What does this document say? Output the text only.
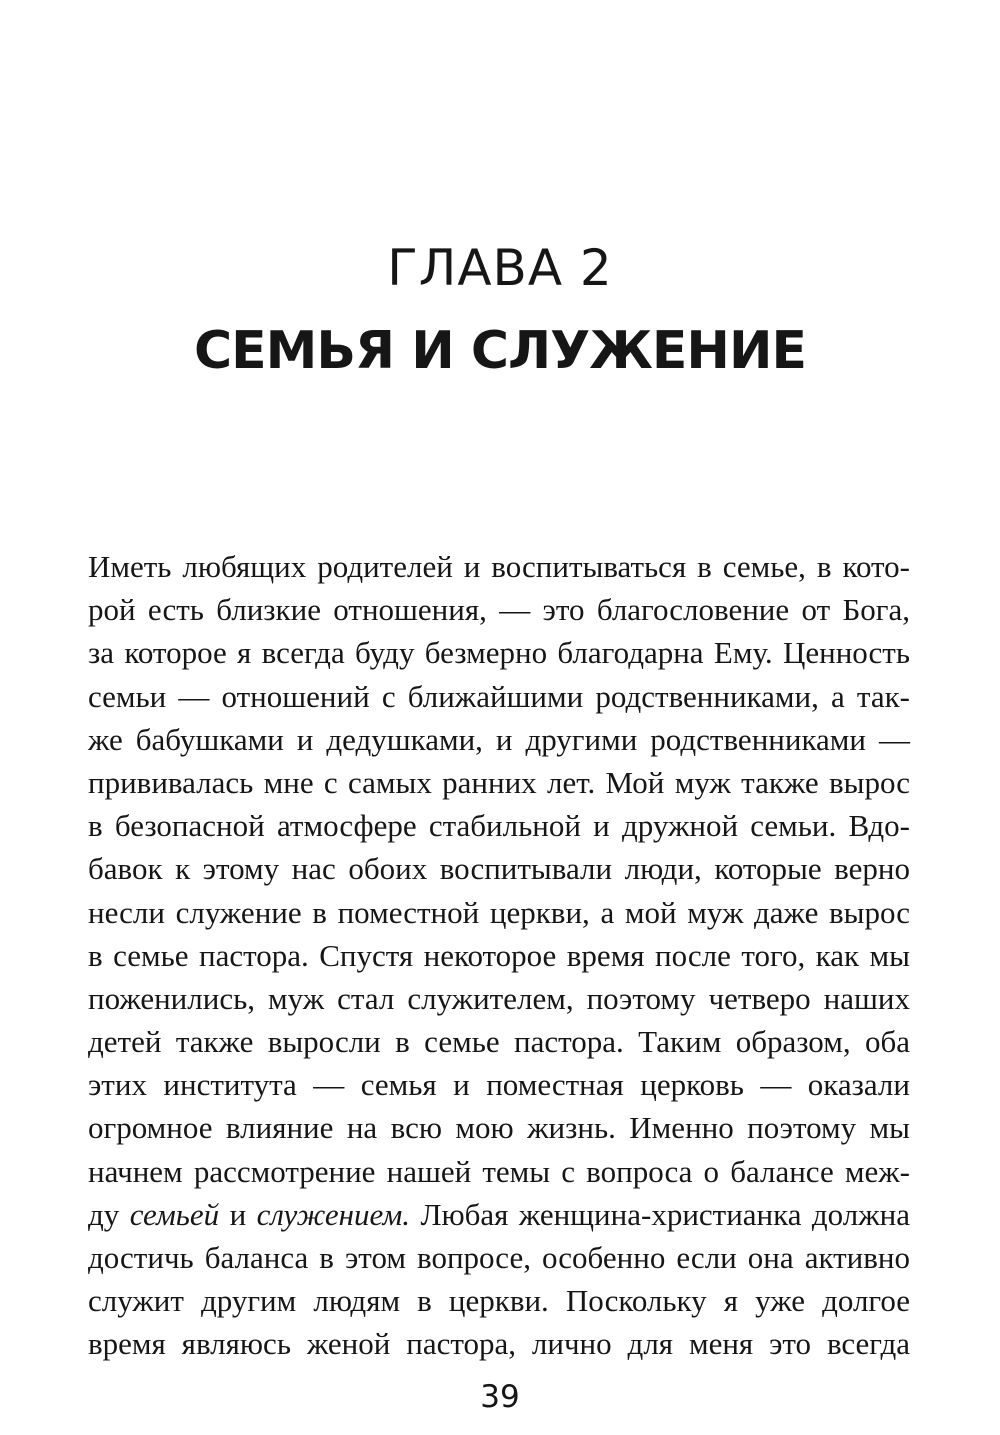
ГЛАВА 2
СЕМЬЯ И СЛУЖЕНИЕ
Иметь любящих родителей и воспитываться в семье, в кото-
рой есть близкие отношения, — это благословение от Бога,
за которое я всегда буду безмерно благодарна Ему. Ценность
семьи — отношений с ближайшими родственниками, а так-
же бабушками и дедушками, и другими родственниками —
прививалась мне с самых ранних лет. Мой муж также вырос
в безопасной атмосфере стабильной и дружной семьи. Вдо-
бавок к этому нас обоих воспитывали люди, которые верно
несли служение в поместной церкви, а мой муж даже вырос
в семье пастора. Спустя некоторое время после того, как мы
поженились, муж стал служителем, поэтому четверо наших
детей также выросли в семье пастора. Таким образом, оба
этих института — семья и поместная церковь — оказали
огромное влияние на всю мою жизнь. Именно поэтому мы
начнем рассмотрение нашей темы с вопроса о балансе меж-
ду семьей и служением. Любая женщина-христианка должна
достичь баланса в этом вопросе, особенно если она активно
служит другим людям в церкви. Поскольку я уже долгое
время являюсь женой пастора, лично для меня это всегда
39
